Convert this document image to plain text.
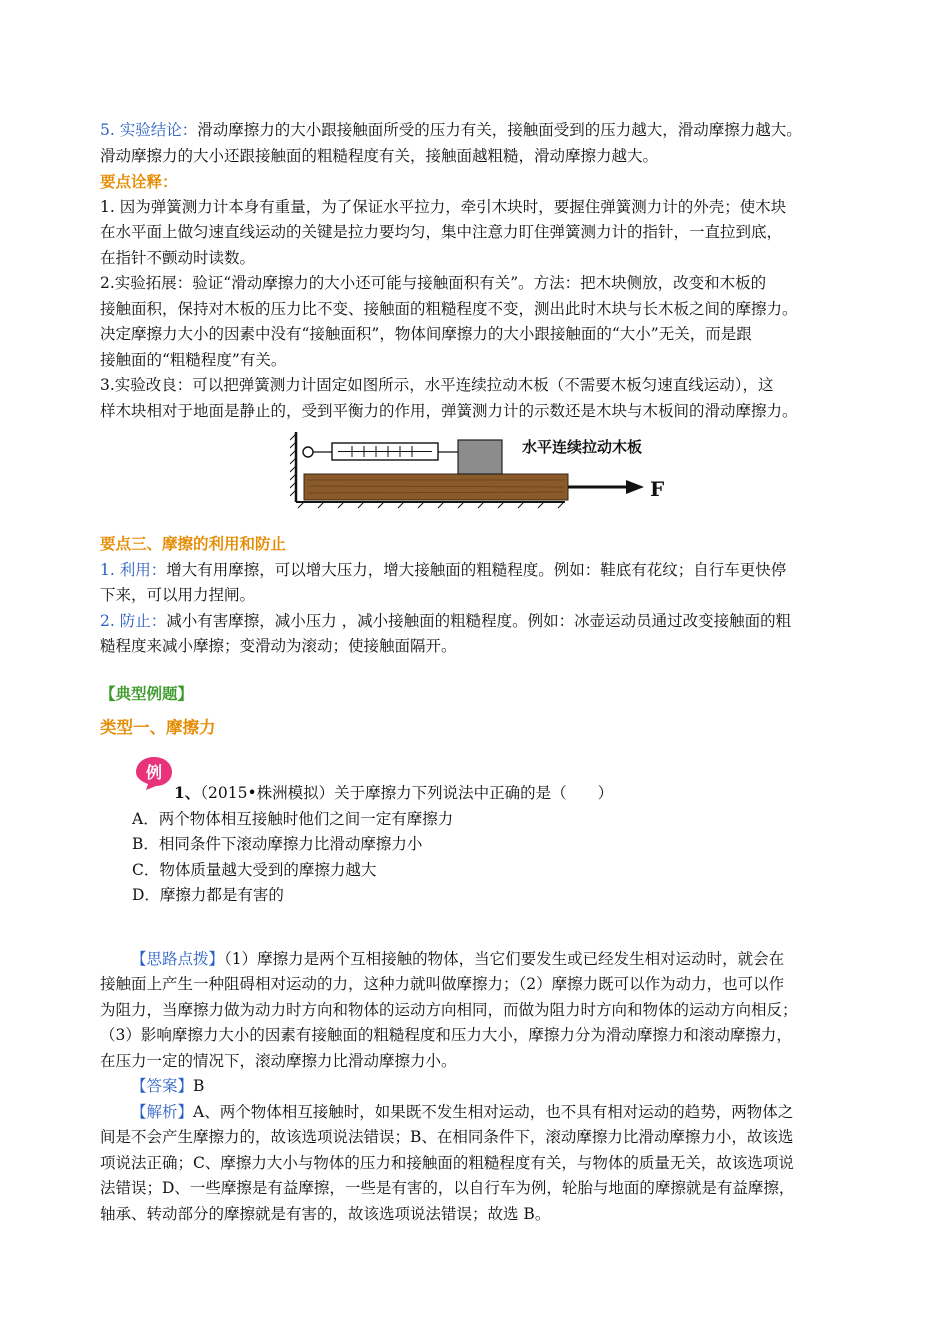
5. 实验结论：滑动摩擦力的大小跟接触面所受的压力有关，接触面受到的压力越大，滑动摩擦力越大。

滑动摩擦力的大小还跟接触面的粗糙程度有关，接触面越粗糙，滑动摩擦力越大。

要点诠释：

1. 因为弹簧测力计本身有重量，为了保证水平拉力，牵引木块时，要握住弹簧测力计的外壳；使木块

在水平面上做匀速直线运动的关键是拉力要均匀，集中注意力盯住弹簧测力计的指针，一直拉到底，

在指针不颤动时读数。

2.实验拓展：验证“滑动摩擦力的大小还可能与接触面积有关”。方法：把木块侧放，改变和木板的

接触面积，保持对木板的压力比不变、接触面的粗糙程度不变，测出此时木块与长木板之间的摩擦力。

决定摩擦力大小的因素中没有“接触面积”，物体间摩擦力的大小跟接触面的“大小”无关，而是跟

接触面的“粗糙程度”有关。

3.实验改良：可以把弹簧测力计固定如图所示，水平连续拉动木板（不需要木板匀速直线运动），这

样木块相对于地面是静止的，受到平衡力的作用，弹簧测力计的示数还是木块与木板间的滑动摩擦力。

F
水平连续拉动木板

要点三、摩擦的利用和防止

1. 利用：增大有用摩擦，可以增大压力，增大接触面的粗糙程度。例如：鞋底有花纹；自行车更快停

下来，可以用力捏闸。

2. 防止：减小有害摩擦，减小压力 ，减小接触面的粗糙程度。例如：冰壶运动员通过改变接触面的粗

糙程度来减小摩擦；变滑动为滚动；使接触面隔开。

【典型例题】

类型一、摩擦力

例

1、（2015•株洲模拟）关于摩擦力下列说法中正确的是（　　）

A．两个物体相互接触时他们之间一定有摩擦力

B．相同条件下滚动摩擦力比滑动摩擦力小

C．物体质量越大受到的摩擦力越大

D．摩擦力都是有害的

【思路点拨】（1）摩擦力是两个互相接触的物体，当它们要发生或已经发生相对运动时，就会在

接触面上产生一种阻碍相对运动的力，这种力就叫做摩擦力；（2）摩擦力既可以作为动力，也可以作

为阻力，当摩擦力做为动力时方向和物体的运动方向相同，而做为阻力时方向和物体的运动方向相反；

（3）影响摩擦力大小的因素有接触面的粗糙程度和压力大小，摩擦力分为滑动摩擦力和滚动摩擦力，

在压力一定的情况下，滚动摩擦力比滑动摩擦力小。

【答案】B

【解析】A、两个物体相互接触时，如果既不发生相对运动，也不具有相对运动的趋势，两物体之

间是不会产生摩擦力的，故该选项说法错误；B、在相同条件下，滚动摩擦力比滑动摩擦力小，故该选

项说法正确；C、摩擦力大小与物体的压力和接触面的粗糙程度有关，与物体的质量无关，故该选项说

法错误；D、一些摩擦是有益摩擦，一些是有害的，以自行车为例，轮胎与地面的摩擦就是有益摩擦，

轴承、转动部分的摩擦就是有害的，故该选项说法错误；故选 B。
